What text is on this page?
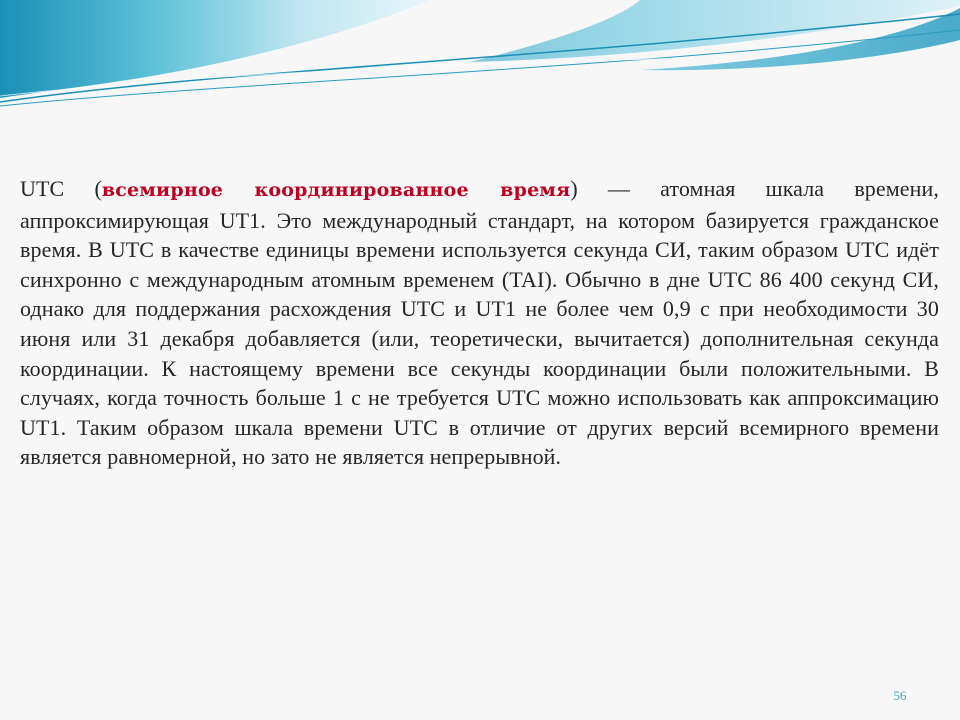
UTC (всемирное координированное время) — атомная шкала времени, аппроксимирующая UT1. Это международный стандарт, на котором базируется гражданское время. В UTC в качестве единицы времени используется секунда СИ, таким образом UTC идёт синхронно с международным атомным временем (TAI). Обычно в дне UTC 86 400 секунд СИ, однако для поддержания расхождения UTC и UT1 не более чем 0,9 с при необходимости 30 июня или 31 декабря добавляется (или, теоретически, вычитается) дополнительная секунда координации. К настоящему времени все секунды координации были положительными. В случаях, когда точность больше 1 с не требуется UTC можно использовать как аппроксимацию UT1. Таким образом шкала времени UTC в отличие от других версий всемирного времени является равномерной, но зато не является непрерывной.

56
